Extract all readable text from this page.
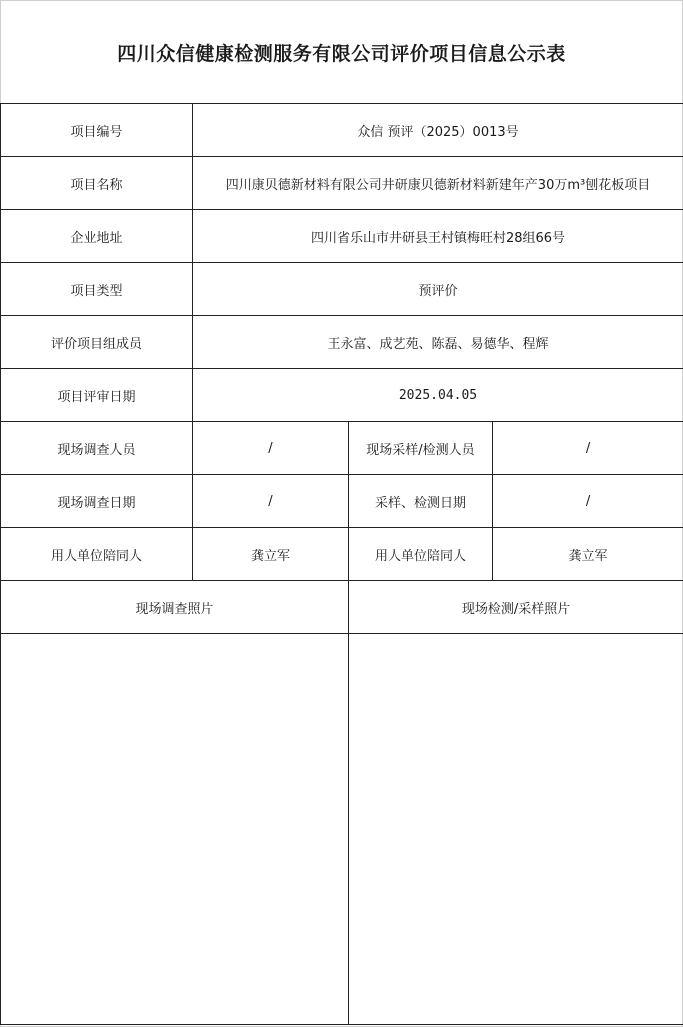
四川众信健康检测服务有限公司评价项目信息公示表
项目编号	众信 预评（2025）0013号		
项目名称	四川康贝德新材料有限公司井研康贝德新材料新建年产30万m³刨花板项目		
企业地址	四川省乐山市井研县王村镇梅旺村28组66号		
项目类型	预评价		
评价项目组成员	王永富、成艺苑、陈磊、易德华、程辉		
项目评审日期	2025.04.05		
现场调查人员	/	现场采样/检测人员	/
现场调查日期	/	采样、检测日期	/
用人单位陪同人	龚立军	用人单位陪同人	龚立军
现场调查照片		现场检测/采样照片	
